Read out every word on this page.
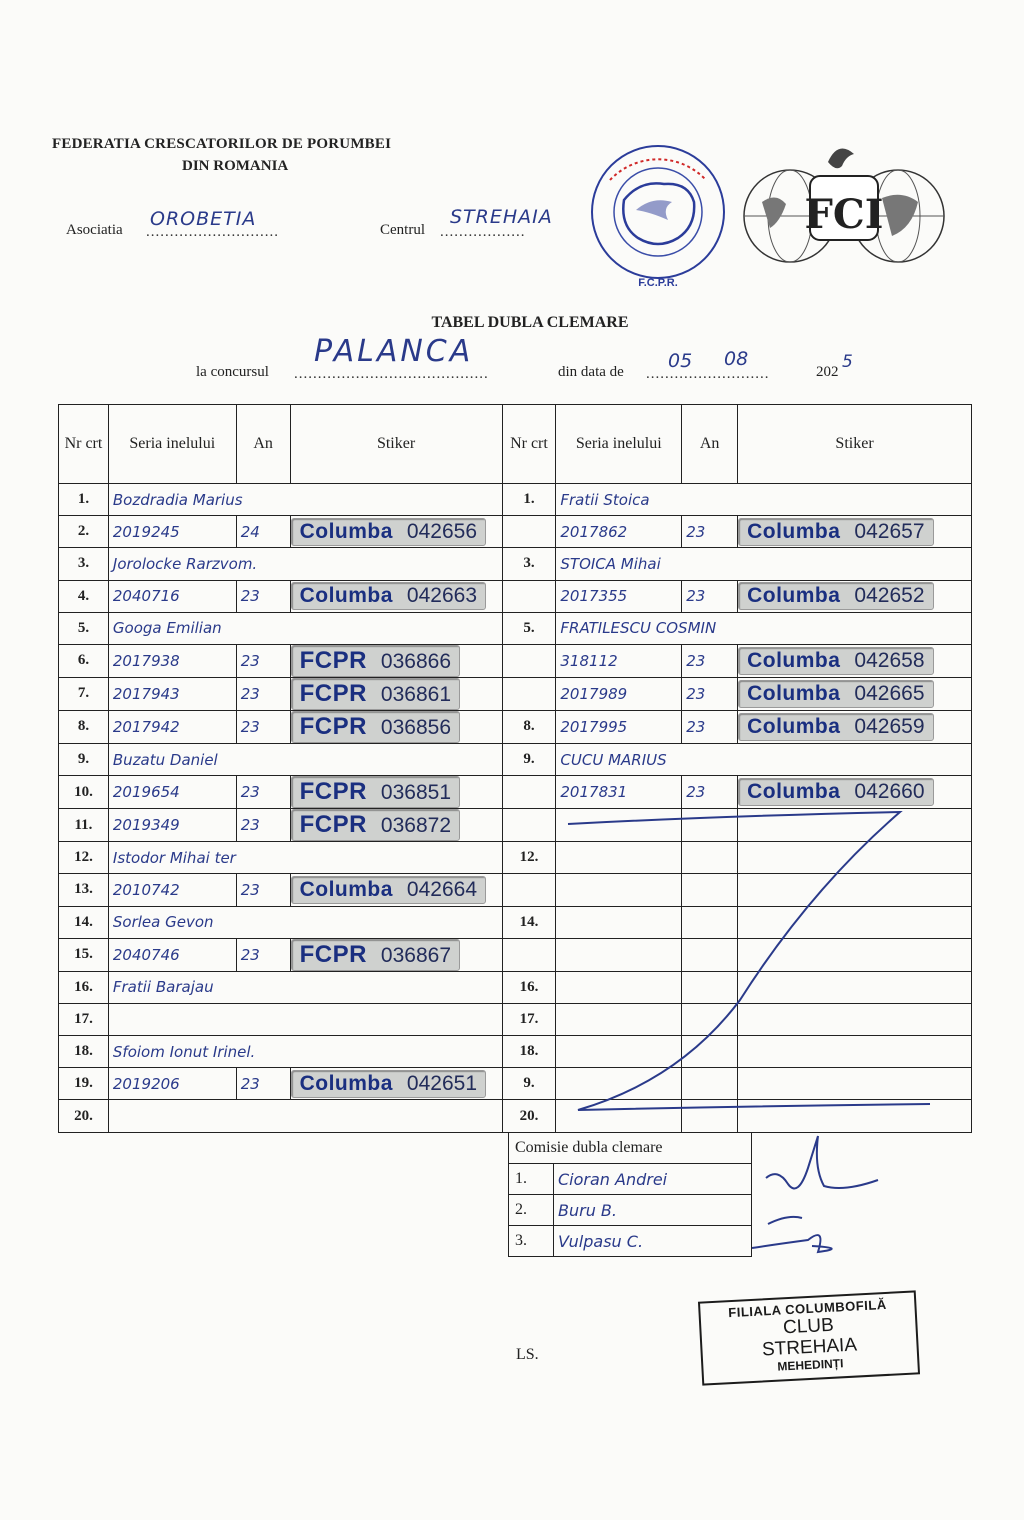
FEDERATIA CRESCATORILOR DE PORUMBEI
DIN ROMANIA
Asociatia ............................
OROBETIA	Centrul ..................
STREHAIA
F.C.P.R.
FCI
TABEL DUBLA CLEMARE
la concursul .........................................
PALANCA
din data de ..........................
05 08
202 5
Nr crt	Seria inelului	An	Stiker	Nr crt	Seria inelului	An	Stiker
1.	Bozdradia Marius			1.	Fratii Stoica		
2.	2019245	24	Columba 042656		2017862	23	Columba 042657
3.	Jorolocke Rarzvom.			3.	STOICA Mihai		
4.	2040716	23	Columba 042663		2017355	23	Columba 042652
5.	Googa Emilian			5.	FRATILESCU COSMIN		
6.	2017938	23	FCPR 036866		318112	23	Columba 042658
7.	2017943	23	FCPR 036861		2017989	23	Columba 042665
8.	2017942	23	FCPR 036856	8.	2017995	23	Columba 042659
9.	Buzatu Daniel			9.	CUCU MARIUS		
10.	2019654	23	FCPR 036851		2017831	23	Columba 042660
11.	2019349	23	FCPR 036872				
12.	Istodor Mihai ter			12.			
13.	2010742	23	Columba 042664				
14.	Sorlea Gevon			14.			
15.	2040746	23	FCPR 036867				
16.	Fratii Barajau			16.			
17.				17.			
18.	Sfoiom Ionut Irinel.			18.			
19.	2019206	23	Columba 042651	9.			
20.				20.			
Comisie dubla clemare	
1.	Cioran Andrei
2.	Buru B.
3.	Vulpasu C.
FILIALA COLUMBOFILĂ
CLUB
STREHAIA
MEHEDINȚI
LS.
